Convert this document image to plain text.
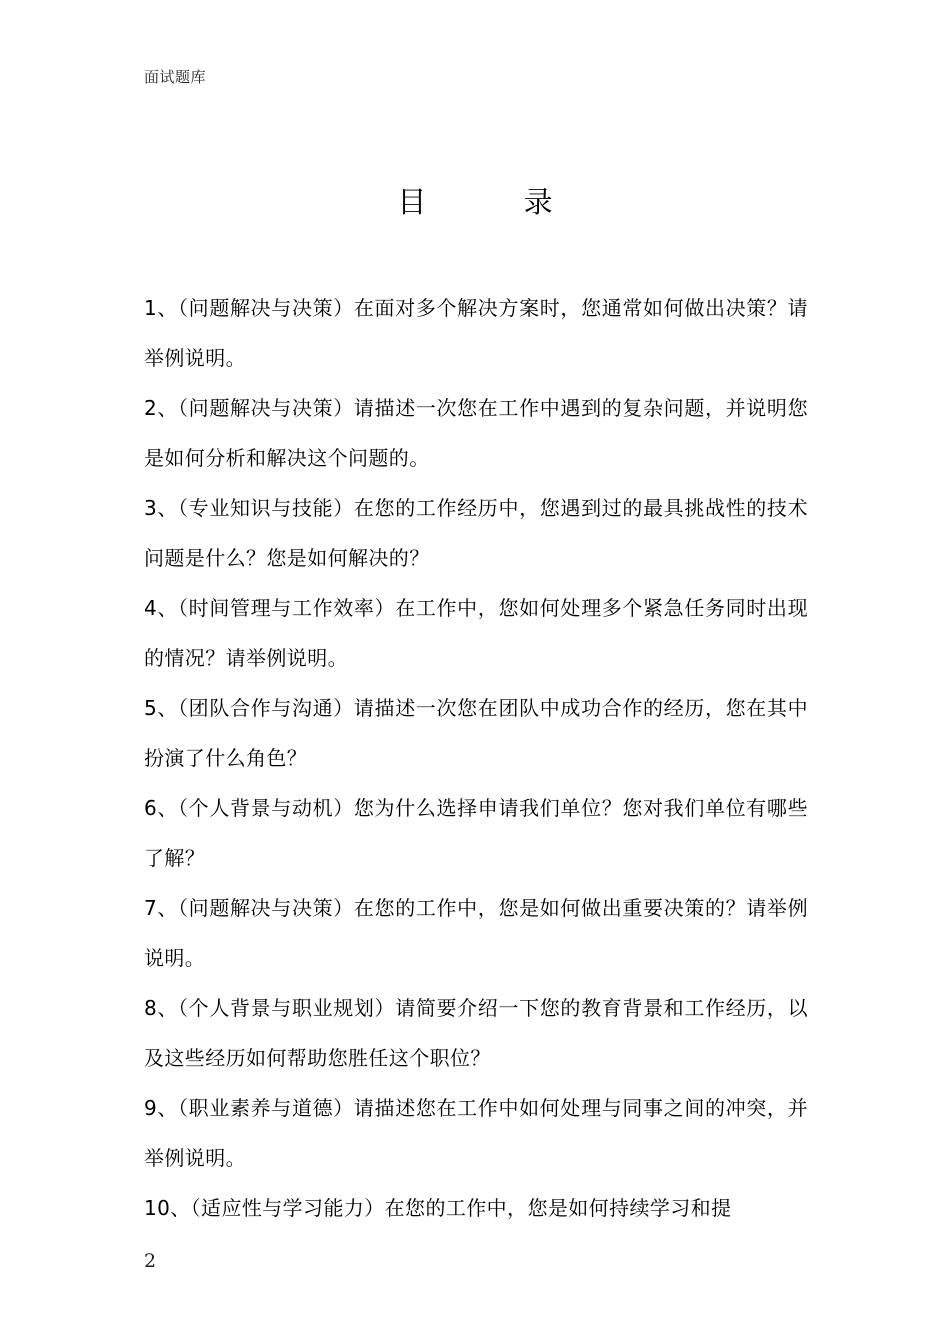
面试题库
目 录
1、（问题解决与决策）在面对多个解决方案时，您通常如何做出决策？请举例说明。
2、（问题解决与决策）请描述一次您在工作中遇到的复杂问题，并说明您是如何分析和解决这个问题的。
3、（专业知识与技能）在您的工作经历中，您遇到过的最具挑战性的技术问题是什么？您是如何解决的？
4、（时间管理与工作效率）在工作中，您如何处理多个紧急任务同时出现的情况？请举例说明。
5、（团队合作与沟通）请描述一次您在团队中成功合作的经历，您在其中扮演了什么角色？
6、（个人背景与动机）您为什么选择申请我们单位？您对我们单位有哪些了解？
7、（问题解决与决策）在您的工作中，您是如何做出重要决策的？请举例说明。
8、（个人背景与职业规划）请简要介绍一下您的教育背景和工作经历，以及这些经历如何帮助您胜任这个职位？
9、（职业素养与道德）请描述您在工作中如何处理与同事之间的冲突，并举例说明。
10、（适应性与学习能力）在您的工作中，您是如何持续学习和提
2
